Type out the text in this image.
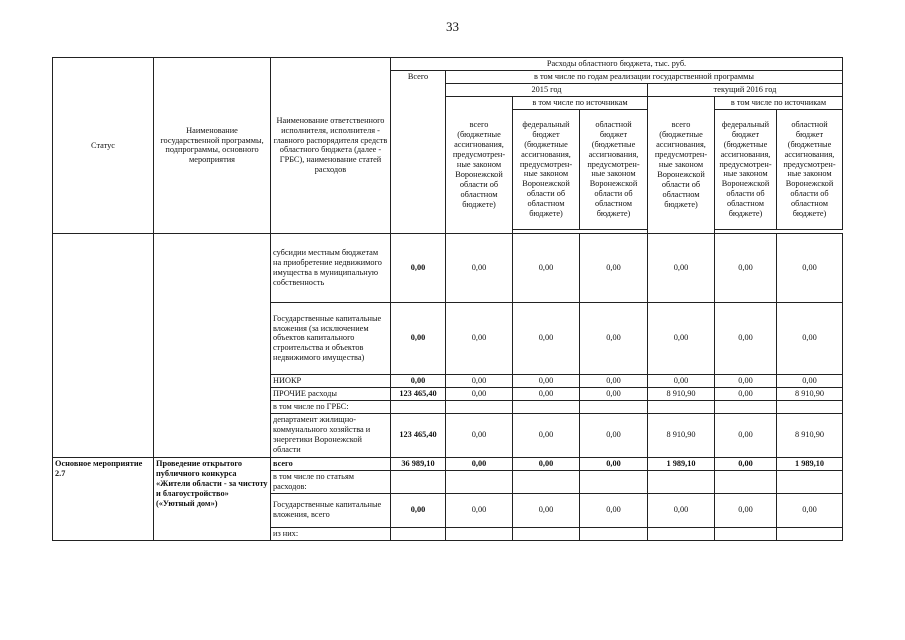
33
Статус	Наименование государственной программы, подпрограммы, основного мероприятия	Наименование ответственного исполнителя, исполнителя - главного распорядителя средств областного бюджета (далее - ГРБС), наименование статей расходов	Расходы областного бюджета, тыс. руб.						
			Всего	в том числе по годам реализации государственной программы					
				2015 год			текущий 2016 год		
				всего (бюджетные ассигнования, предусмотрен-ные законом Воронежской области об областном бюджете)	в том числе по источникам		всего (бюджетные ассигнования, предусмотрен-ные законом Воронежской области об областном бюджете)	в том числе по источникам	
					федеральный бюджет (бюджетные ассигнования, предусмотрен-ные законом Воронежской области об областном бюджете)	областной бюджет (бюджетные ассигнования, предусмотрен-ные законом Воронежской области об областном бюджете)		федеральный бюджет (бюджетные ассигнования, предусмотрен-ные законом Воронежской области об областном бюджете)	областной бюджет (бюджетные ассигнования, предусмотрен-ные законом Воронежской области об областном бюджете)

		субсидии местным бюджетам на приобретение недвижимого имущества в муниципальную собственность	0,00	0,00	0,00	0,00	0,00	0,00	0,00
		Государственные капитальные вложения (за исключением объектов капитального строительства и объектов недвижимого имущества)	0,00	0,00	0,00	0,00	0,00	0,00	0,00
		НИОКР	0,00	0,00	0,00	0,00	0,00	0,00	0,00
		ПРОЧИЕ расходы	123 465,40	0,00	0,00	0,00	8 910,90	0,00	8 910,90
		в том числе по ГРБС:							
		департамент жилищно-коммунального хозяйства и энергетики Воронежской области	123 465,40	0,00	0,00	0,00	8 910,90	0,00	8 910,90
Основное мероприятие 2.7	Проведение открытого публичного конкурса «Жители области - за чистоту и благоустройство» («Уютный дом»)	всего	36 989,10	0,00	0,00	0,00	1 989,10	0,00	1 989,10
		в том числе по статьям расходов:							
		Государственные капитальные вложения, всего	0,00	0,00	0,00	0,00	0,00	0,00	0,00
		из них:							
